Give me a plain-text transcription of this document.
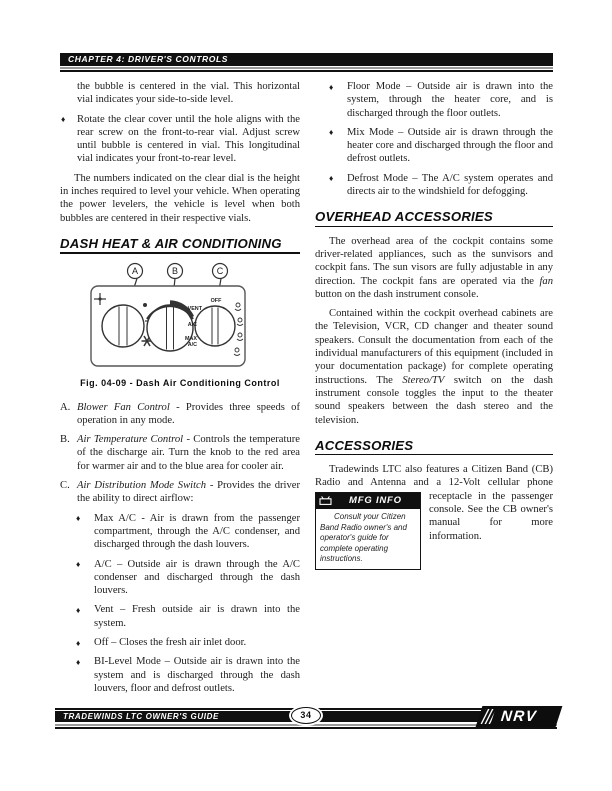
CHAPTER 4: DRIVER'S CONTROLS

the bubble is centered in the vial. This horizontal vial indicates your side-to-side level.

♦ Rotate the clear cover until the hole aligns with the rear screw on the front-to-rear vial. Adjust screw until bubble is centered in vial. This longitudinal vial indicates your front-to-rear level.

The numbers indicated on the clear dial is the height in inches required to level your vehicle. When operating the power levelers, the vehicle is level when both bubbles are centered in their respective vials.

DASH HEAT & AIR CONDITIONING
A	B	C
OFF
VENT
A/C
MAX
A/C
Fig. 04-09 - Dash Air Conditioning Control
A. Blower Fan Control - Provides three speeds of operation in any mode.
B. Air Temperature Control - Controls the temperature of the discharge air. Turn the knob to the red area for warmer air and to the blue area for cooler air.
C. Air Distribution Mode Switch - Provides the driver the ability to direct airflow:
♦ Max A/C - Air is drawn from the passenger compartment, through the A/C condenser, and discharged through the dash louvers.
♦ A/C – Outside air is drawn through the A/C condenser and discharged through the dash louvers.
♦ Vent – Fresh outside air is drawn into the system.
♦ Off – Closes the fresh air inlet door.
♦ BI-Level Mode – Outside air is drawn into the system and is discharged through the dash louvers, floor and defrost outlets.
♦ Floor Mode – Outside air is drawn into the system, through the heater core, and is discharged through the floor outlets.
♦ Mix Mode – Outside air is drawn through the heater core and discharged through the floor and defrost outlets.
♦ Defrost Mode – The A/C system operates and directs air to the windshield for defogging.
OVERHEAD ACCESSORIES

The overhead area of the cockpit contains some driver-related appliances, such as the sunvisors and cockpit fans. The sun visors are fully adjustable in any direction. The cockpit fans are operated via the fan button on the dash instrument console.

Contained within the cockpit overhead cabinets are the Television, VCR, CD changer and theater sound speakers. Consult the documentation from each of the individual manufacturers of this equipment (included in your documentation package) for complete operating instructions. The Stereo/TV switch on the dash instrument console toggles the input to the theater sound speakers between the dash stereo and the television.

ACCESSORIES

Tradewinds LTC also features a Citizen Band (CB) Radio and Antenna and a 12-Volt cellular
MFG INFO
Consult your Citizen Band Radio owner's and operator's guide for complete operating instructions.
phone receptacle in the passenger console. See the CB owner's manual for more information.

TRADEWINDS LTC OWNER'S GUIDE	34	NRV
